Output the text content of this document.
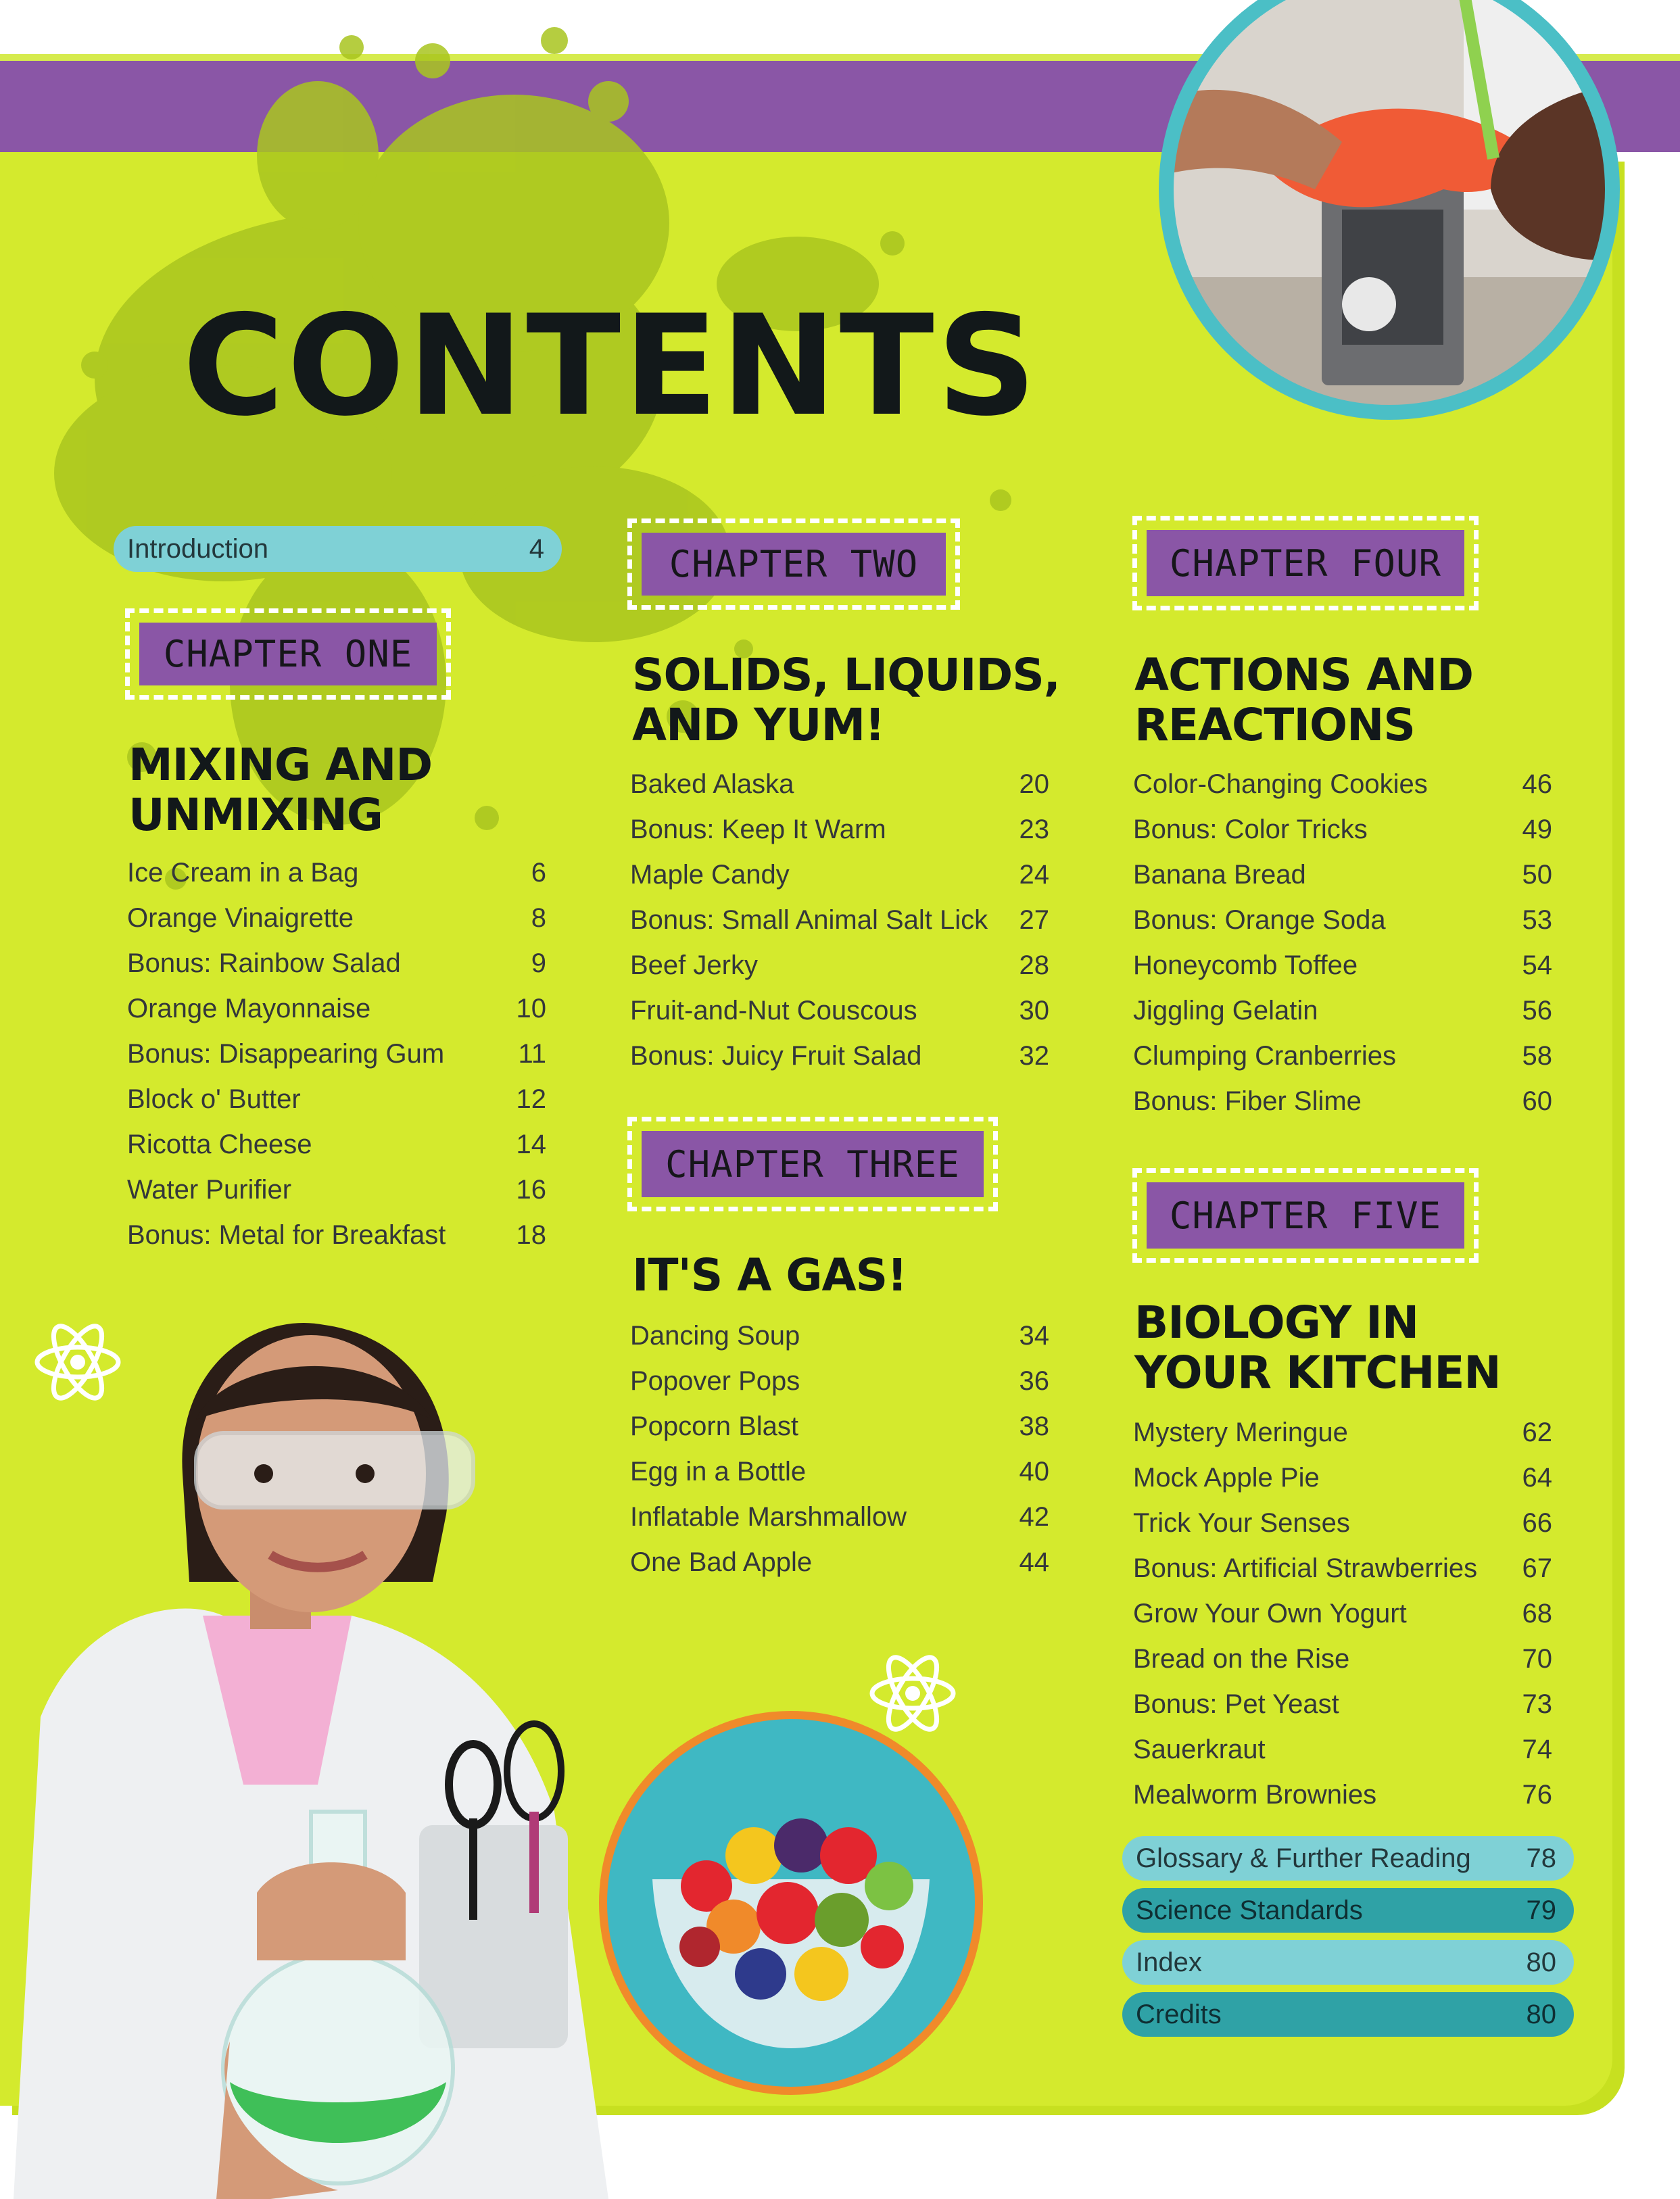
CONTENTS
Introduction	4
CHAPTER ONE
MIXING AND
UNMIXING
Ice Cream in a Bag	6
Orange Vinaigrette	8
Bonus: Rainbow Salad	9
Orange Mayonnaise	10
Bonus: Disappearing Gum	11
Block o' Butter	12
Ricotta Cheese	14
Water Purifier	16
Bonus: Metal for Breakfast	18
CHAPTER TWO
SOLIDS, LIQUIDS,
AND YUM!
Baked Alaska	20
Bonus: Keep It Warm	23
Maple Candy	24
Bonus: Small Animal Salt Lick 27
Beef Jerky	28
Fruit-and-Nut Couscous	30
Bonus: Juicy Fruit Salad	32
CHAPTER THREE
IT'S A GAS!
Dancing Soup	34
Popover Pops	36
Popcorn Blast	38
Egg in a Bottle	40
Inflatable Marshmallow	42
One Bad Apple	44
CHAPTER FOUR
ACTIONS AND
REACTIONS
Color-Changing Cookies	46
Bonus: Color Tricks	49
Banana Bread	50
Bonus: Orange Soda	53
Honeycomb Toffee	54
Jiggling Gelatin	56
Clumping Cranberries	58
Bonus: Fiber Slime	60
CHAPTER FIVE
BIOLOGY IN
YOUR KITCHEN
Mystery Meringue	62
Mock Apple Pie	64
Trick Your Senses	66
Bonus: Artificial Strawberries 67
Grow Your Own Yogurt	68
Bread on the Rise	70
Bonus: Pet Yeast	73
Sauerkraut	74
Mealworm Brownies	76
Glossary & Further Reading 78
Science Standards	79
Index	80
Credits	80
